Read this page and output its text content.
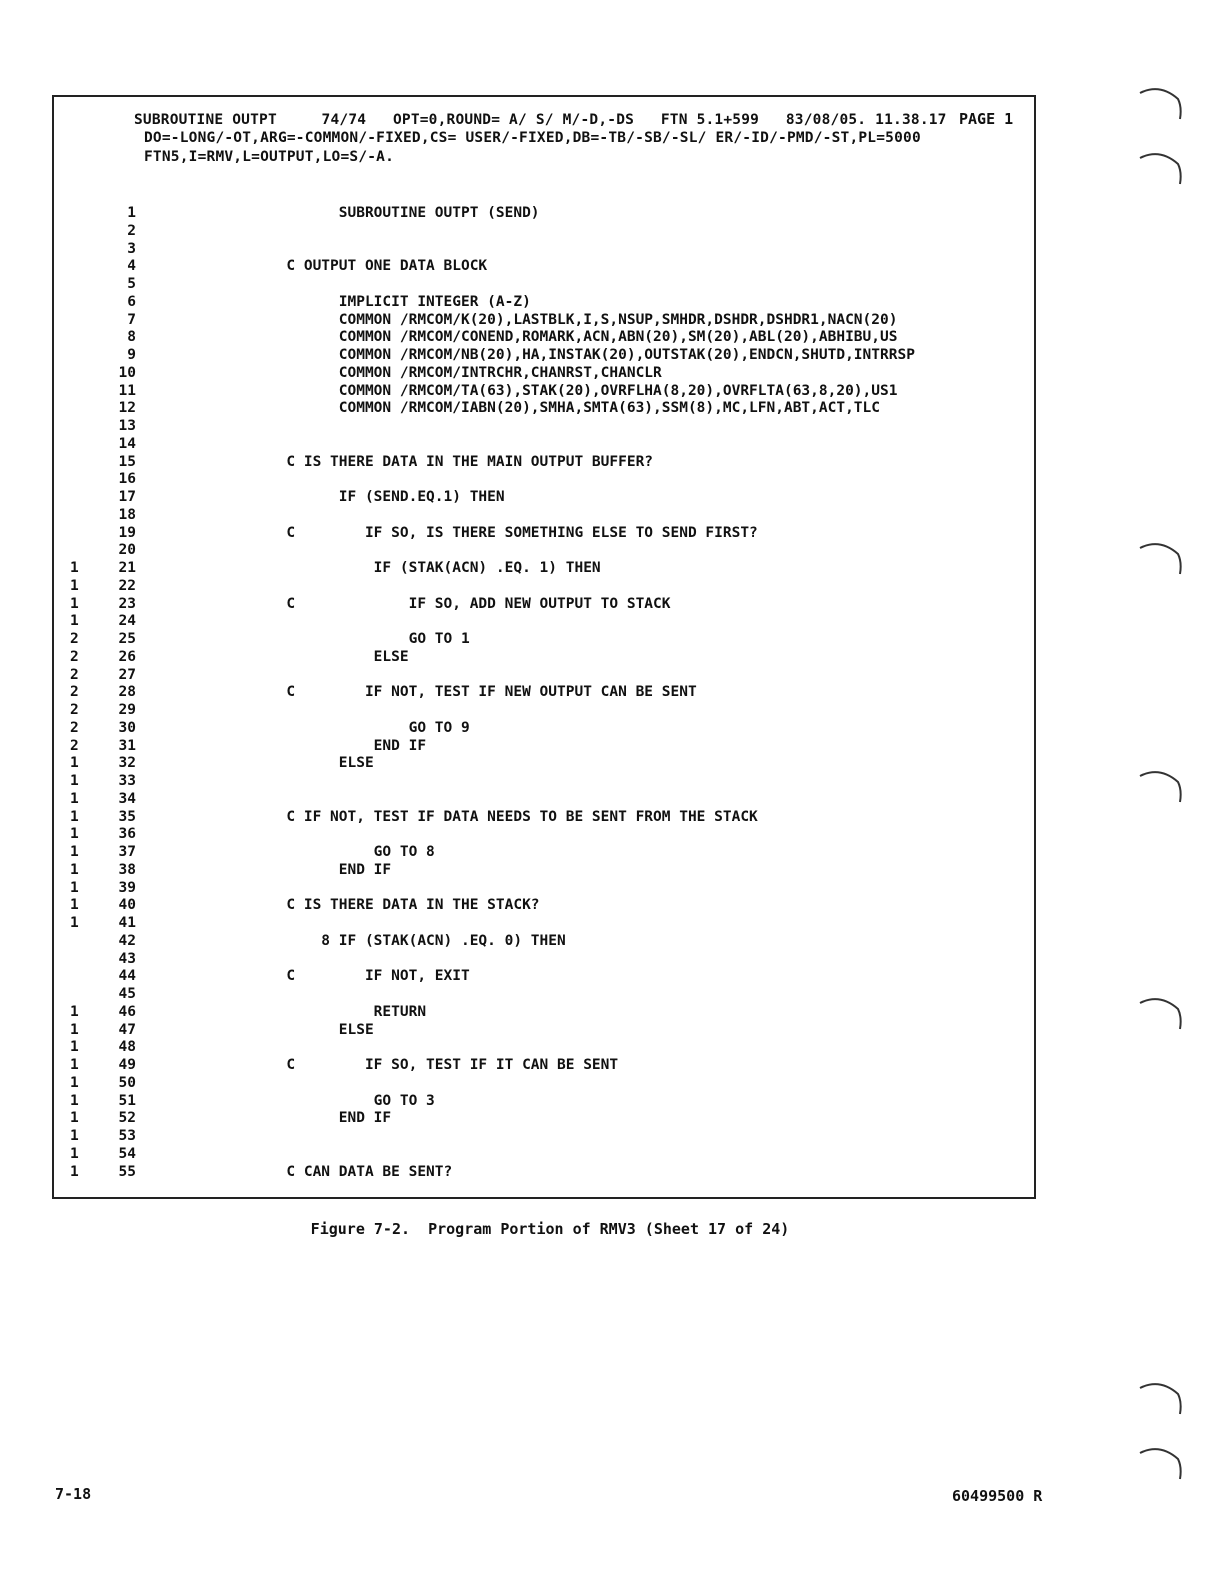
SUBROUTINE OUTPT     74/74   OPT=0,ROUND= A/ S/ M/-D,-DS   FTN 5.1+599   83/08/05. 11.38.17 PAGE 1
DO=-LONG/-OT,ARG=-COMMON/-FIXED,CS= USER/-FIXED,DB=-TB/-SB/-SL/ ER/-ID/-PMD/-ST,PL=5000
FTN5,I=RMV,L=OUTPUT,LO=S/-A.
1	SUBROUTINE OUTPT (SEND)
2
3
4	C OUTPUT ONE DATA BLOCK
5
6	IMPLICIT INTEGER (A-Z)
7	COMMON /RMCOM/K(20),LASTBLK,I,S,NSUP,SMHDR,DSHDR,DSHDR1,NACN(20)
8	COMMON /RMCOM/CONEND,ROMARK,ACN,ABN(20),SM(20),ABL(20),ABHIBU,US
9	COMMON /RMCOM/NB(20),HA,INSTAK(20),OUTSTAK(20),ENDCN,SHUTD,INTRRSP
10	COMMON /RMCOM/INTRCHR,CHANRST,CHANCLR
11	COMMON /RMCOM/TA(63),STAK(20),OVRFLHA(8,20),OVRFLTA(63,8,20),US1
12	COMMON /RMCOM/IABN(20),SMHA,SMTA(63),SSM(8),MC,LFN,ABT,ACT,TLC
13
14
15	C IS THERE DATA IN THE MAIN OUTPUT BUFFER?
16
17	IF (SEND.EQ.1) THEN
18
19	C        IF SO, IS THERE SOMETHING ELSE TO SEND FIRST?
20
1	21	IF (STAK(ACN) .EQ. 1) THEN
1	22
1	23	C             IF SO, ADD NEW OUTPUT TO STACK
1	24
2	25	GO TO 1
2	26	ELSE
2	27
2	28	C        IF NOT, TEST IF NEW OUTPUT CAN BE SENT
2	29
2	30	GO TO 9
2	31	END IF
1	32	ELSE
1	33
1	34
1	35	C IF NOT, TEST IF DATA NEEDS TO BE SENT FROM THE STACK
1	36
1	37	GO TO 8
1	38	END IF
1	39
1	40	C IS THERE DATA IN THE STACK?
1	41
42	8 IF (STAK(ACN) .EQ. 0) THEN
43
44	C        IF NOT, EXIT
45
1	46	RETURN
1	47	ELSE
1	48
1	49	C        IF SO, TEST IF IT CAN BE SENT
1	50
1	51	GO TO 3
1	52	END IF
1	53
1	54
1	55	C CAN DATA BE SENT?
Figure 7-2.  Program Portion of RMV3 (Sheet 17 of 24)
7-18	60499500 R
